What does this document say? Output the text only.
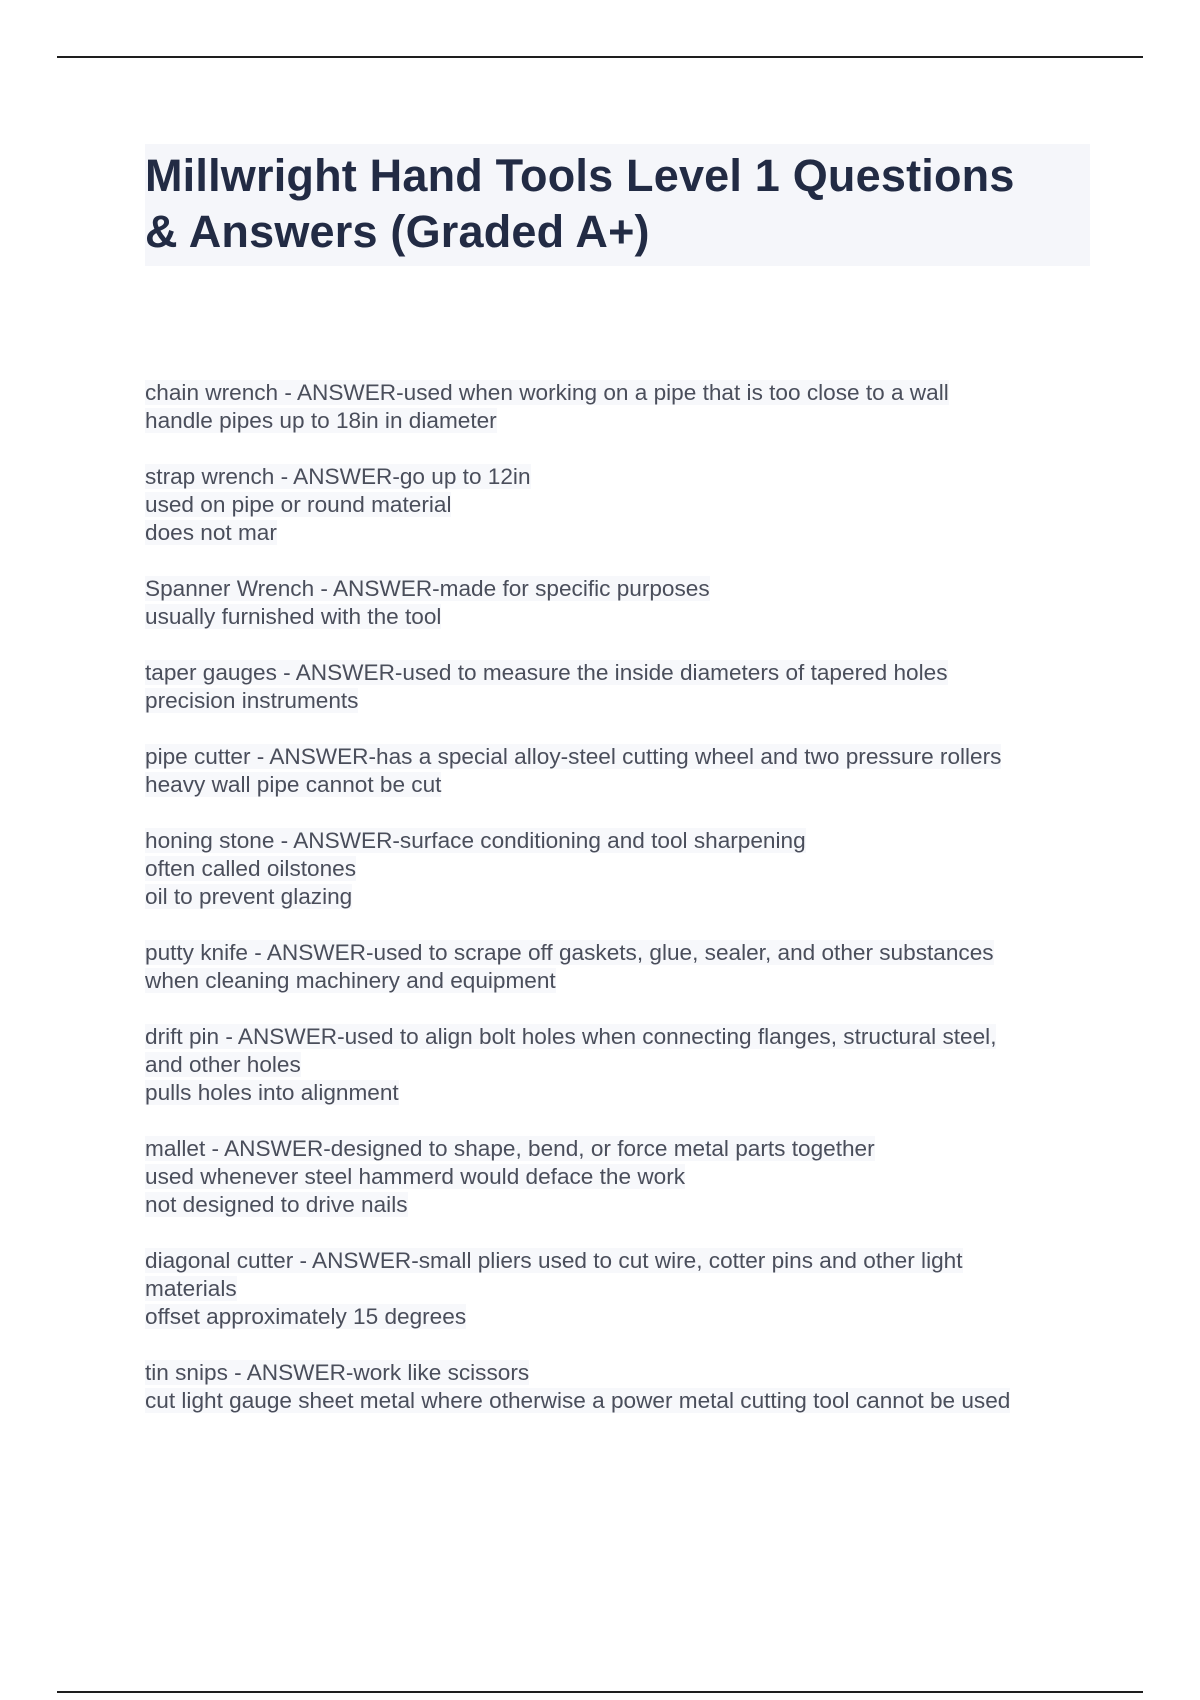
Millwright Hand Tools Level 1 Questions
& Answers (Graded A+)
chain wrench - ANSWER-used when working on a pipe that is too close to a wall
handle pipes up to 18in in diameter
strap wrench - ANSWER-go up to 12in
used on pipe or round material
does not mar
Spanner Wrench - ANSWER-made for specific purposes
usually furnished with the tool
taper gauges - ANSWER-used to measure the inside diameters of tapered holes
precision instruments
pipe cutter - ANSWER-has a special alloy-steel cutting wheel and two pressure rollers
heavy wall pipe cannot be cut
honing stone - ANSWER-surface conditioning and tool sharpening
often called oilstones
oil to prevent glazing
putty knife - ANSWER-used to scrape off gaskets, glue, sealer, and other substances
when cleaning machinery and equipment
drift pin - ANSWER-used to align bolt holes when connecting flanges, structural steel,
and other holes
pulls holes into alignment
mallet - ANSWER-designed to shape, bend, or force metal parts together
used whenever steel hammerd would deface the work
not designed to drive nails
diagonal cutter - ANSWER-small pliers used to cut wire, cotter pins and other light
materials
offset approximately 15 degrees
tin snips - ANSWER-work like scissors
cut light gauge sheet metal where otherwise a power metal cutting tool cannot be used
